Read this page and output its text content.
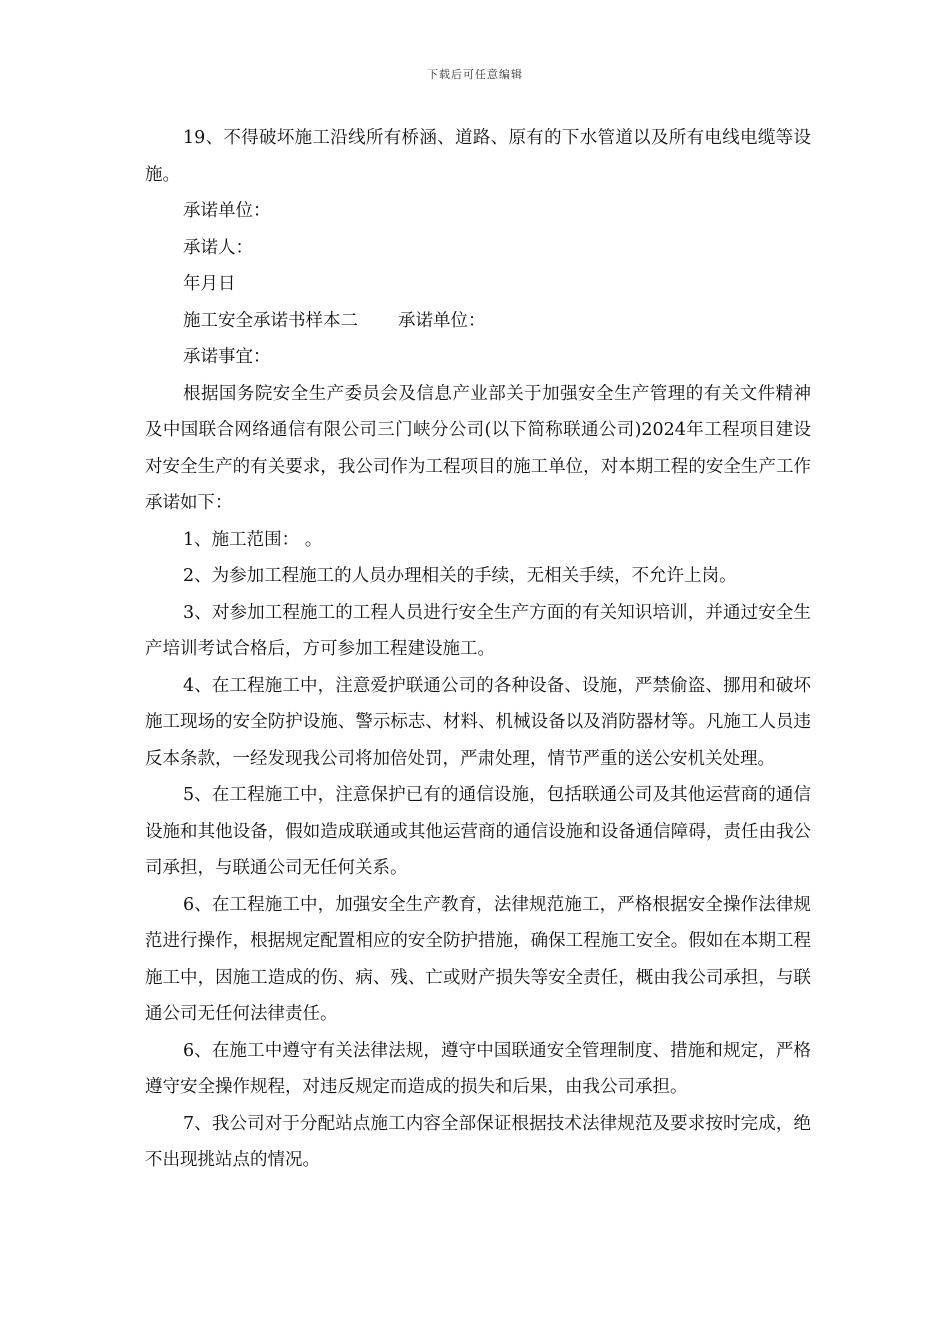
下载后可任意编辑

19、不得破坏施工沿线所有桥涵、道路、原有的下水管道以及所有电线电缆等设施。

承诺单位：

承诺人：

年月日

施工安全承诺书样本二 承诺单位：

承诺事宜：

根据国务院安全生产委员会及信息产业部关于加强安全生产管理的有关文件精神及中国联合网络通信有限公司三门峡分公司(以下简称联通公司)2024年工程项目建设对安全生产的有关要求，我公司作为工程项目的施工单位，对本期工程的安全生产工作承诺如下：

1、施工范围： 。

2、为参加工程施工的人员办理相关的手续，无相关手续，不允许上岗。

3、对参加工程施工的工程人员进行安全生产方面的有关知识培训，并通过安全生产培训考试合格后，方可参加工程建设施工。

4、在工程施工中，注意爱护联通公司的各种设备、设施，严禁偷盗、挪用和破坏施工现场的安全防护设施、警示标志、材料、机械设备以及消防器材等。凡施工人员违反本条款，一经发现我公司将加倍处罚，严肃处理，情节严重的送公安机关处理。

5、在工程施工中，注意保护已有的通信设施，包括联通公司及其他运营商的通信设施和其他设备，假如造成联通或其他运营商的通信设施和设备通信障碍，责任由我公司承担，与联通公司无任何关系。

6、在工程施工中，加强安全生产教育，法律规范施工，严格根据安全操作法律规范进行操作，根据规定配置相应的安全防护措施，确保工程施工安全。假如在本期工程施工中，因施工造成的伤、病、残、亡或财产损失等安全责任，概由我公司承担，与联通公司无任何法律责任。

6、在施工中遵守有关法律法规，遵守中国联通安全管理制度、措施和规定，严格遵守安全操作规程，对违反规定而造成的损失和后果，由我公司承担。

7、我公司对于分配站点施工内容全部保证根据技术法律规范及要求按时完成，绝不出现挑站点的情况。
